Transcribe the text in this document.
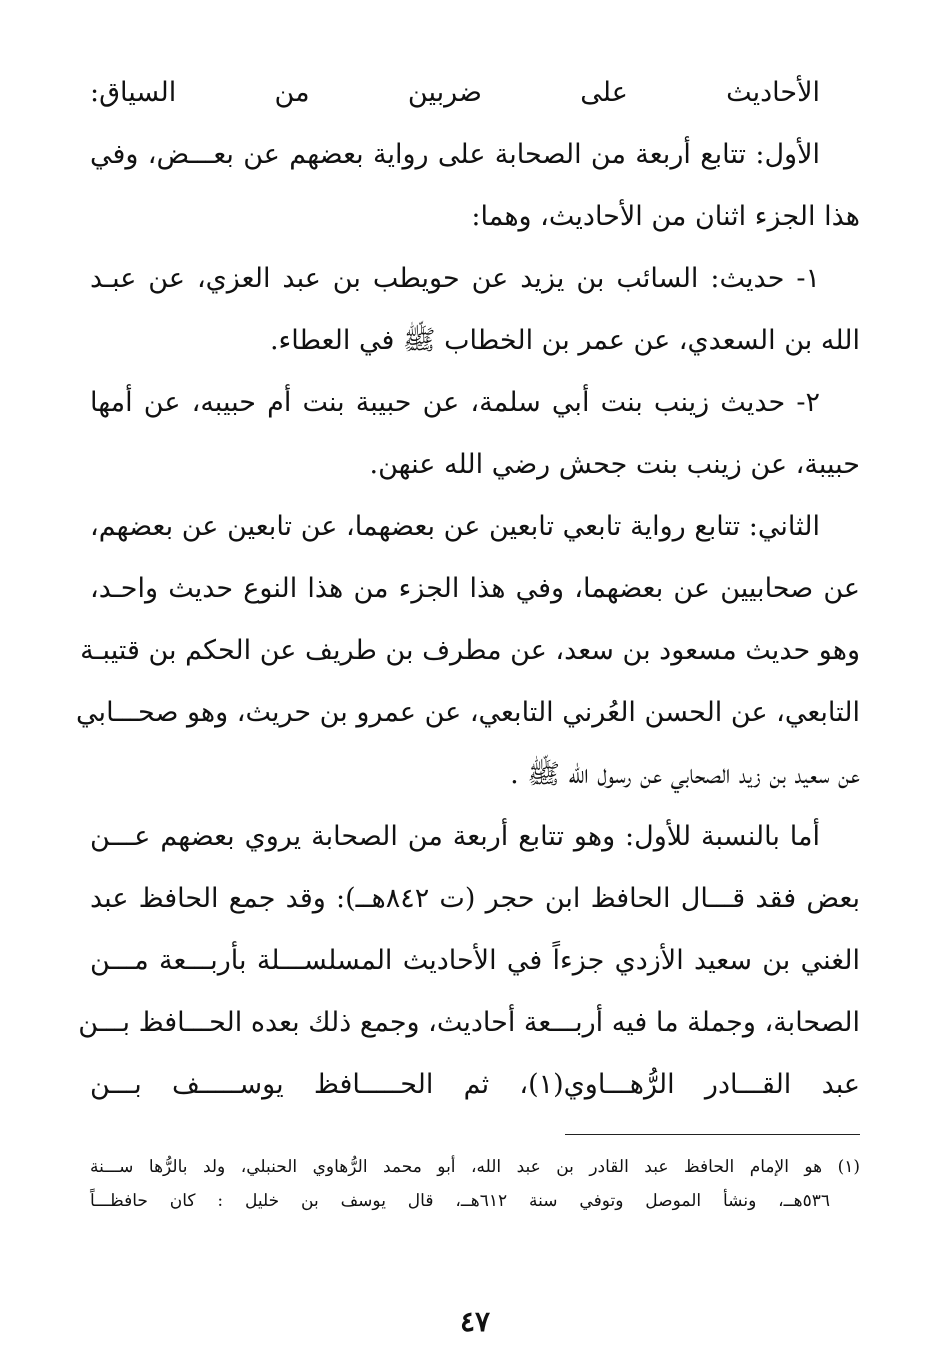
الأحاديث على ضربين من السياق:
الأول: تتابع أربعة من الصحابة على رواية بعضهم عن بعـــض، وفي
هذا الجزء اثنان من الأحاديث، وهما:
١- حديث: السائب بن يزيد عن حويطب بن عبد العزي، عن عبـد
الله بن السعدي، عن عمر بن الخطاب ﷺ في العطاء.
٢- حديث زينب بنت أبي سلمة، عن حبيبة بنت أم حبيبه، عن أمها
حبيبة، عن زينب بنت جحش رضي الله عنهن.
الثاني: تتابع رواية تابعي تابعين عن بعضهما، عن تابعين عن بعضهم،
عن صحابيين عن بعضهما، وفي هذا الجزء من هذا النوع حديث واحـد،
وهو حديث مسعود بن سعد، عن مطرف بن طريف عن الحكم بن قتيبـة
التابعي، عن الحسن العُرني التابعي، عن عمرو بن حريث، وهو صحـــابي
عن سعيد بن زيد الصحابي عن رسول الله ﷺ .
أما بالنسبة للأول: وهو تتابع أربعة من الصحابة يروي بعضهم عـــن
بعض فقد قـــال الحافظ ابن حجر (ت ٨٤٢هــ): وقد جمع الحافظ عبد
الغني بن سعيد الأزدي جزءاً في الأحاديث المسلســـلة بأربـــعة مـــن
الصحابة، وجملة ما فيه أربـــعة أحاديث، وجمع ذلك بعده الحـــافظ بـــن
عبد القـــادر الرُّهـــاوي(١)، ثم الحـــــافظ يوســـــف بـــن
(١) هو الإمام الحافظ عبد القادر بن عبد الله، أبو محمد الرُّهاوي الحنبلي، ولد بالرُّها ســـنة
٥٣٦هــ، ونشأ الموصل وتوفي سنة ٦١٢هــ، قال يوسف بن خليل : كان حافظـــاً
٤٧
